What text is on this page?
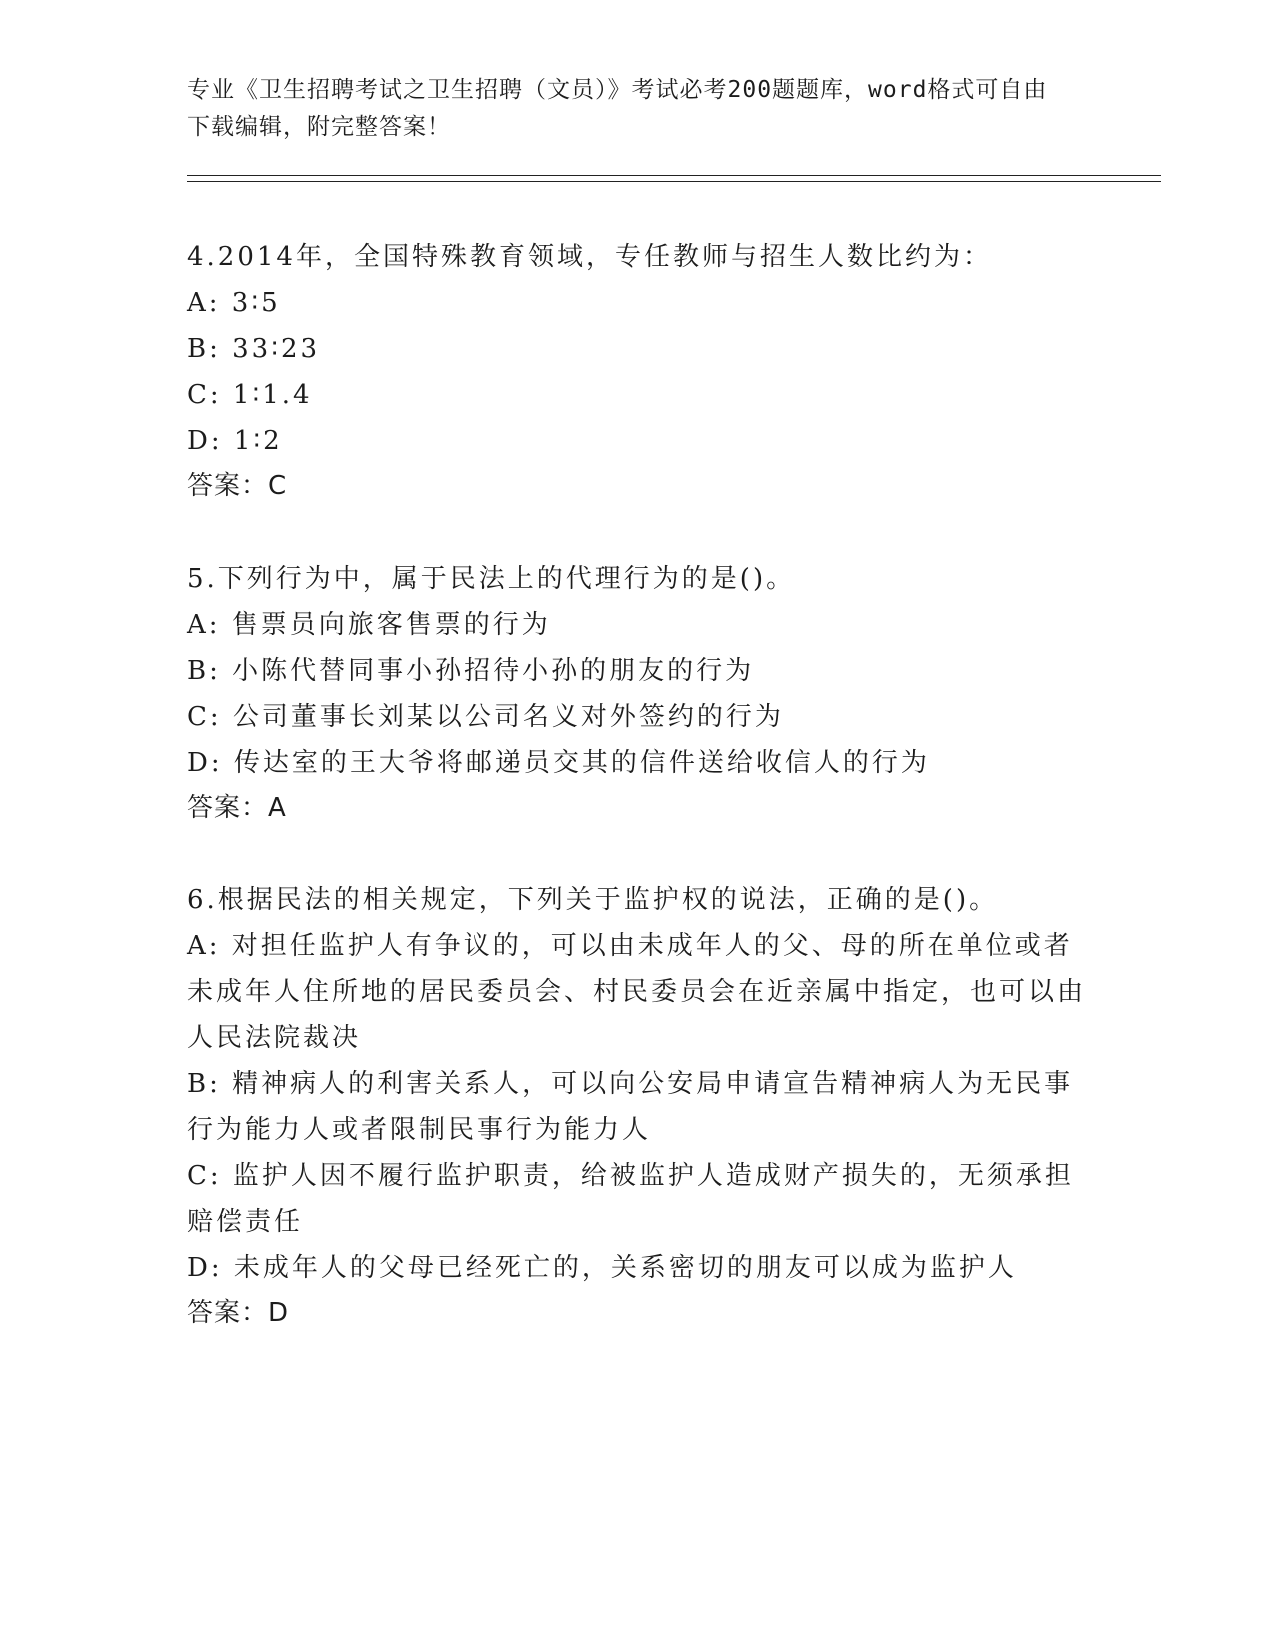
专业《卫生招聘考试之卫生招聘（文员）》考试必考200题题库，word格式可自由下载编辑，附完整答案！
4.2014年，全国特殊教育领域，专任教师与招生人数比约为：
A: 3∶5
B: 33∶23
C: 1∶1.4
D: 1∶2
答案：C
5.下列行为中，属于民法上的代理行为的是()。
A: 售票员向旅客售票的行为
B: 小陈代替同事小孙招待小孙的朋友的行为
C: 公司董事长刘某以公司名义对外签约的行为
D: 传达室的王大爷将邮递员交其的信件送给收信人的行为
答案：A
6.根据民法的相关规定，下列关于监护权的说法，正确的是()。
A: 对担任监护人有争议的，可以由未成年人的父、母的所在单位或者未成年人住所地的居民委员会、村民委员会在近亲属中指定，也可以由人民法院裁决
B: 精神病人的利害关系人，可以向公安局申请宣告精神病人为无民事行为能力人或者限制民事行为能力人
C: 监护人因不履行监护职责，给被监护人造成财产损失的，无须承担赔偿责任
D: 未成年人的父母已经死亡的，关系密切的朋友可以成为监护人
答案：D
